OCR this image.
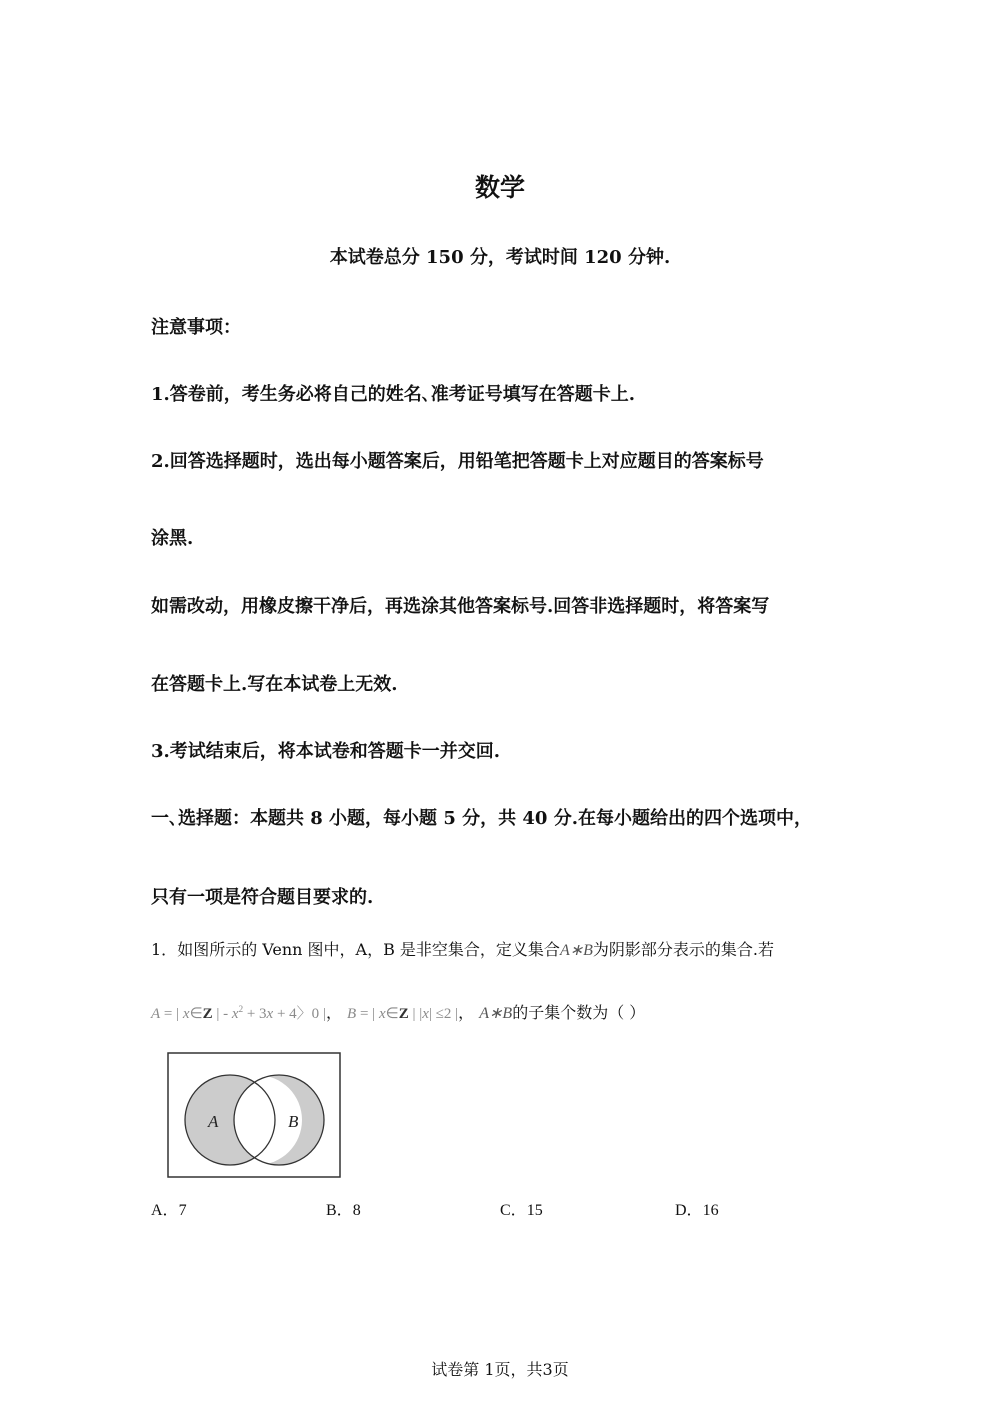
数学
本试卷总分 150 分，考试时间 120 分钟.
注意事项：
1.答卷前，考生务必将自己的姓名､准考证号填写在答题卡上.
2.回答选择题时，选出每小题答案后，用铅笔把答题卡上对应题目的答案标号
涂黑.
如需改动，用橡皮擦干净后，再选涂其他答案标号.回答非选择题时，将答案写
在答题卡上.写在本试卷上无效.
3.考试结束后，将本试卷和答题卡一并交回.
一､选择题：本题共 8 小题，每小题 5 分，共 40 分.在每小题给出的四个选项中，
只有一项是符合题目要求的.
1．如图所示的 Venn 图中，A，B 是非空集合，定义集合A∗B为阴影部分表示的集合.若
A = | x∈Z | - $x^2 + 3x + 4$〉0 |， B = | x∈Z | |x| ≤2 |， A∗B的子集个数为（ ）
A	B
A．7	B．8	C．15	D．16
试卷第 1页，共3页
